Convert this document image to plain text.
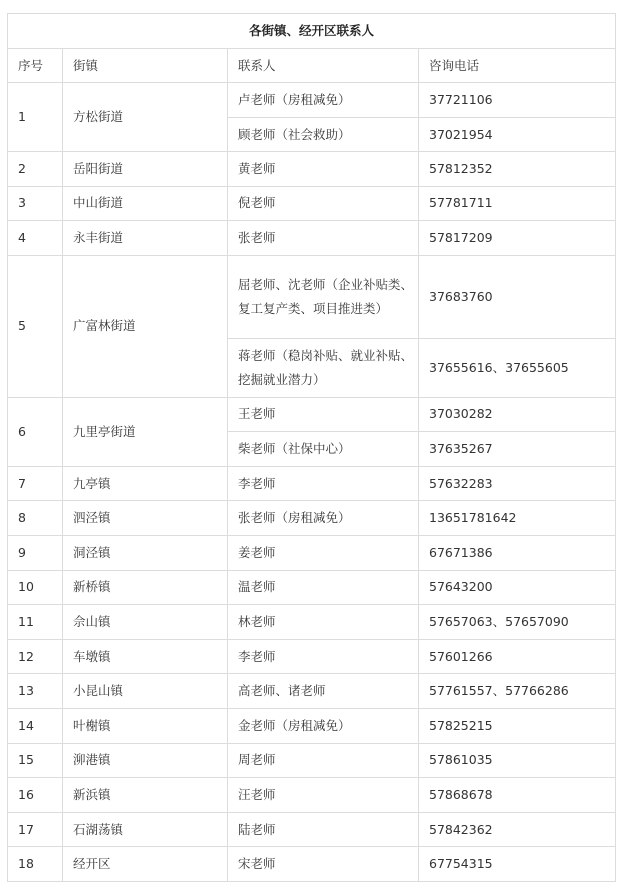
各街镇、经开区联系人			
序号	街镇	联系人	咨询电话
1	方松街道	卢老师（房租减免）	37721106
		顾老师（社会救助）	37021954
2	岳阳街道	黄老师	57812352
3	中山街道	倪老师	57781711
4	永丰街道	张老师	57817209
5	广富林街道	屈老师、沈老师（企业补贴类、复工复产类、项目推进类）	37683760
		蒋老师（稳岗补贴、就业补贴、挖掘就业潜力）	37655616、37655605
6	九里亭街道	王老师	37030282
		柴老师（社保中心）	37635267
7	九亭镇	李老师	57632283
8	泗泾镇	张老师（房租减免）	13651781642
9	洞泾镇	姜老师	67671386
10	新桥镇	温老师	57643200
11	佘山镇	林老师	57657063、57657090
12	车墩镇	李老师	57601266
13	小昆山镇	高老师、诸老师	57761557、57766286
14	叶榭镇	金老师（房租减免）	57825215
15	泖港镇	周老师	57861035
16	新浜镇	汪老师	57868678
17	石湖荡镇	陆老师	57842362
18	经开区	宋老师	67754315
